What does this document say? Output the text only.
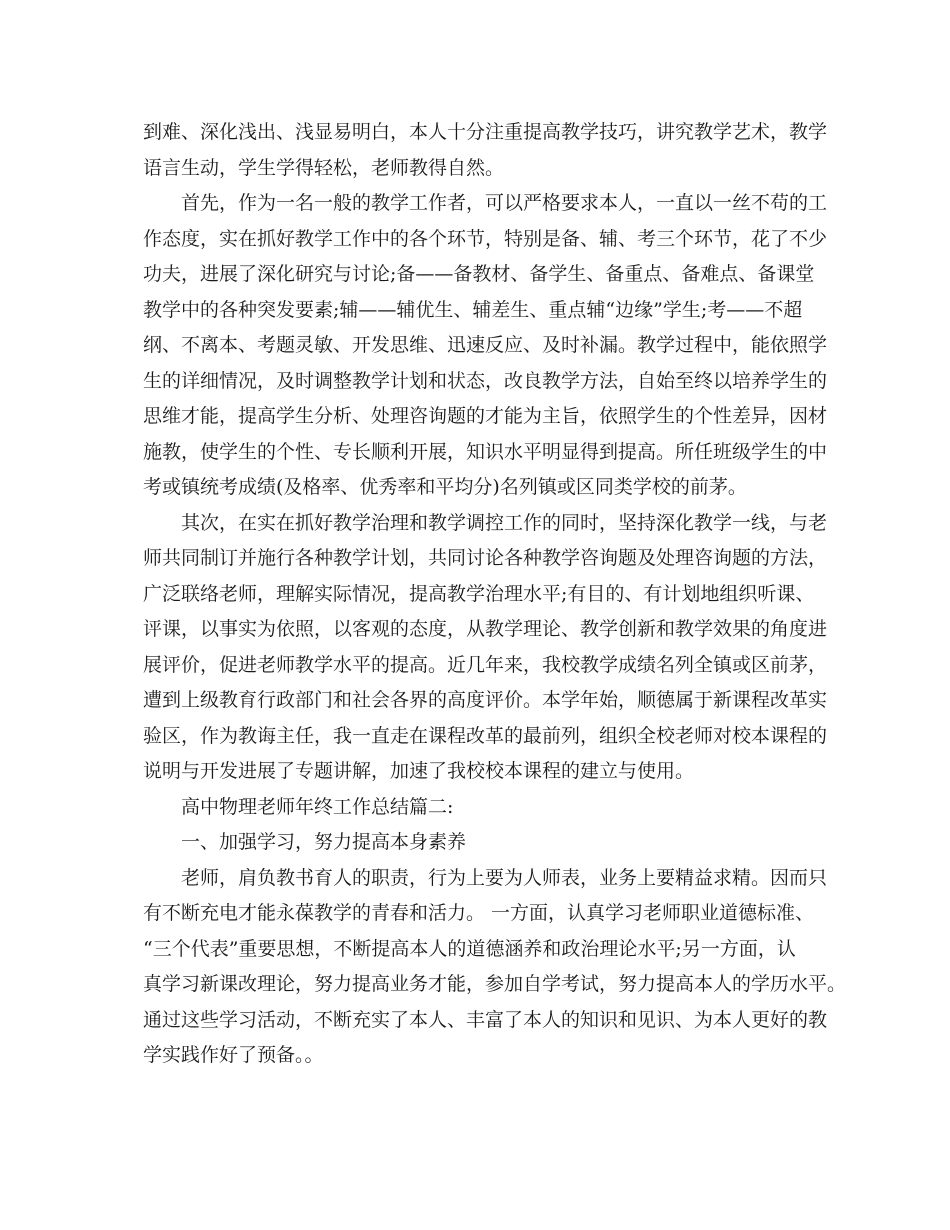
到难、深化浅出、浅显易明白，本人十分注重提高教学技巧，讲究教学艺术，教学
语言生动，学生学得轻松，老师教得自然。
首先，作为一名一般的教学工作者，可以严格要求本人，一直以一丝不苟的工
作态度，实在抓好教学工作中的各个环节，特别是备、辅、考三个环节，花了不少
功夫，进展了深化研究与讨论;备——备教材、备学生、备重点、备难点、备课堂
教学中的各种突发要素;辅——辅优生、辅差生、重点辅“边缘”学生;考——不超
纲、不离本、考题灵敏、开发思维、迅速反应、及时补漏。教学过程中，能依照学
生的详细情况，及时调整教学计划和状态，改良教学方法，自始至终以培养学生的
思维才能，提高学生分析、处理咨询题的才能为主旨，依照学生的个性差异，因材
施教，使学生的个性、专长顺利开展，知识水平明显得到提高。所任班级学生的中
考或镇统考成绩(及格率、优秀率和平均分)名列镇或区同类学校的前茅。
其次，在实在抓好教学治理和教学调控工作的同时，坚持深化教学一线，与老
师共同制订并施行各种教学计划，共同讨论各种教学咨询题及处理咨询题的方法，
广泛联络老师，理解实际情况，提高教学治理水平;有目的、有计划地组织听课、
评课，以事实为依照，以客观的态度，从教学理论、教学创新和教学效果的角度进
展评价，促进老师教学水平的提高。近几年来，我校教学成绩名列全镇或区前茅，
遭到上级教育行政部门和社会各界的高度评价。本学年始，顺德属于新课程改革实
验区，作为教诲主任，我一直走在课程改革的最前列，组织全校老师对校本课程的
说明与开发进展了专题讲解，加速了我校校本课程的建立与使用。
高中物理老师年终工作总结篇二:
一、加强学习，努力提高本身素养
老师，肩负教书育人的职责，行为上要为人师表，业务上要精益求精。因而只
有不断充电才能永葆教学的青春和活力。 一方面，认真学习老师职业道德标准、
“三个代表”重要思想，不断提高本人的道德涵养和政治理论水平;另一方面，认
真学习新课改理论，努力提高业务才能，参加自学考试，努力提高本人的学历水平。
通过这些学习活动，不断充实了本人、丰富了本人的知识和见识、为本人更好的教
学实践作好了预备。。
